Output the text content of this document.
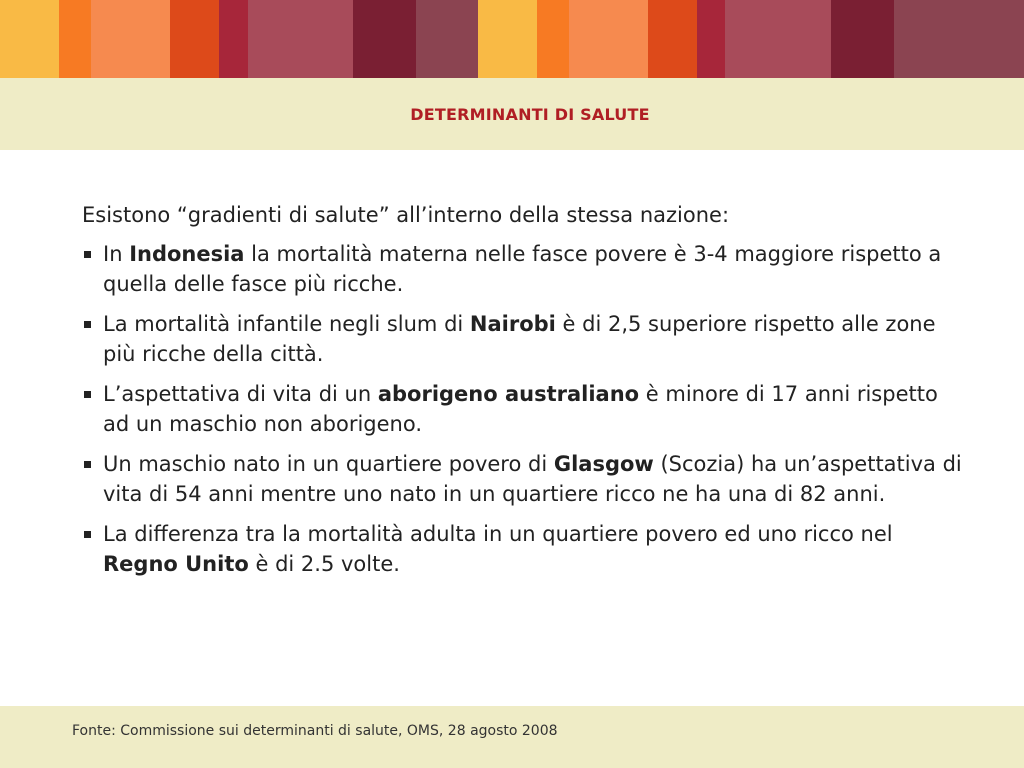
DETERMINANTI DI SALUTE

Esistono “gradienti di salute” all’interno della stessa nazione:

In Indonesia la mortalità materna nelle fasce povere è 3-4 maggiore rispetto a quella delle fasce più ricche.
La mortalità infantile negli slum di Nairobi è di 2,5 superiore rispetto alle zone più ricche della città.
L’aspettativa di vita di un aborigeno australiano è minore di 17 anni rispetto ad un maschio non aborigeno.
Un maschio nato in un quartiere povero di Glasgow (Scozia) ha un’aspettativa di vita di 54 anni mentre uno nato in un quartiere ricco ne ha una di 82 anni.
La differenza tra la mortalità adulta in un quartiere povero ed uno ricco nel Regno Unito è di 2.5 volte.
Fonte: Commissione sui determinanti di salute, OMS, 28 agosto 2008
